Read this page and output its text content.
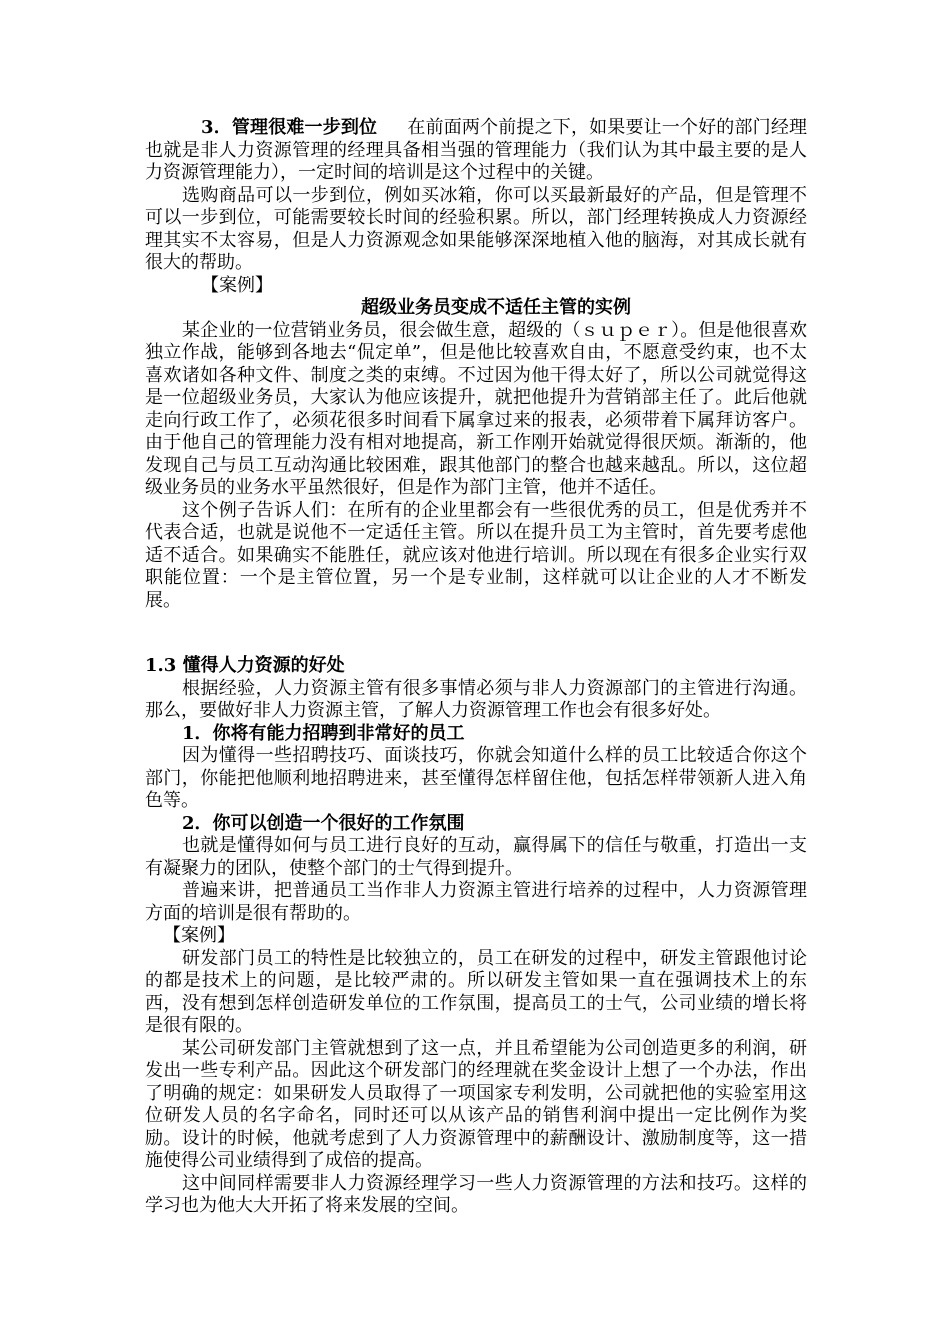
3．管理很难一步到位 在前面两个前提之下，如果要让一个好的部门经理也就是非人力资源管理的经理具备相当强的管理能力（我们认为其中最主要的是人力资源管理能力），一定时间的培训是这个过程中的关键。

选购商品可以一步到位，例如买冰箱，你可以买最新最好的产品，但是管理不可以一步到位，可能需要较长时间的经验积累。所以，部门经理转换成人力资源经理其实不太容易，但是人力资源观念如果能够深深地植入他的脑海，对其成长就有很大的帮助。

【案例】

超级业务员变成不适任主管的实例

某企业的一位营销业务员，很会做生意，超级的（ｓｕｐｅｒ）。但是他很喜欢独立作战，能够到各地去“侃定单”，但是他比较喜欢自由，不愿意受约束，也不太喜欢诸如各种文件、制度之类的束缚。不过因为他干得太好了，所以公司就觉得这是一位超级业务员，大家认为他应该提升，就把他提升为营销部主任了。此后他就走向行政工作了，必须花很多时间看下属拿过来的报表，必须带着下属拜访客户。由于他自己的管理能力没有相对地提高，新工作刚开始就觉得很厌烦。渐渐的，他发现自己与员工互动沟通比较困难，跟其他部门的整合也越来越乱。所以，这位超级业务员的业务水平虽然很好，但是作为部门主管，他并不适任。

这个例子告诉人们：在所有的企业里都会有一些很优秀的员工，但是优秀并不代表合适，也就是说他不一定适任主管。所以在提升员工为主管时，首先要考虑他适不适合。如果确实不能胜任，就应该对他进行培训。所以现在有很多企业实行双职能位置：一个是主管位置，另一个是专业制，这样就可以让企业的人才不断发展。

1.3 懂得人力资源的好处

根据经验，人力资源主管有很多事情必须与非人力资源部门的主管进行沟通。那么，要做好非人力资源主管，了解人力资源管理工作也会有很多好处。

1．你将有能力招聘到非常好的员工

因为懂得一些招聘技巧、面谈技巧，你就会知道什么样的员工比较适合你这个部门，你能把他顺利地招聘进来，甚至懂得怎样留住他，包括怎样带领新人进入角色等。

2．你可以创造一个很好的工作氛围

也就是懂得如何与员工进行良好的互动，赢得属下的信任与敬重，打造出一支有凝聚力的团队，使整个部门的士气得到提升。

普遍来讲，把普通员工当作非人力资源主管进行培养的过程中，人力资源管理方面的培训是很有帮助的。

【案例】

研发部门员工的特性是比较独立的，员工在研发的过程中，研发主管跟他讨论的都是技术上的问题，是比较严肃的。所以研发主管如果一直在强调技术上的东西，没有想到怎样创造研发单位的工作氛围，提高员工的士气，公司业绩的增长将是很有限的。

某公司研发部门主管就想到了这一点，并且希望能为公司创造更多的利润，研发出一些专利产品。因此这个研发部门的经理就在奖金设计上想了一个办法，作出了明确的规定：如果研发人员取得了一项国家专利发明，公司就把他的实验室用这位研发人员的名字命名，同时还可以从该产品的销售利润中提出一定比例作为奖励。设计的时候，他就考虑到了人力资源管理中的薪酬设计、激励制度等，这一措施使得公司业绩得到了成倍的提高。

这中间同样需要非人力资源经理学习一些人力资源管理的方法和技巧。这样的学习也为他大大开拓了将来发展的空间。
